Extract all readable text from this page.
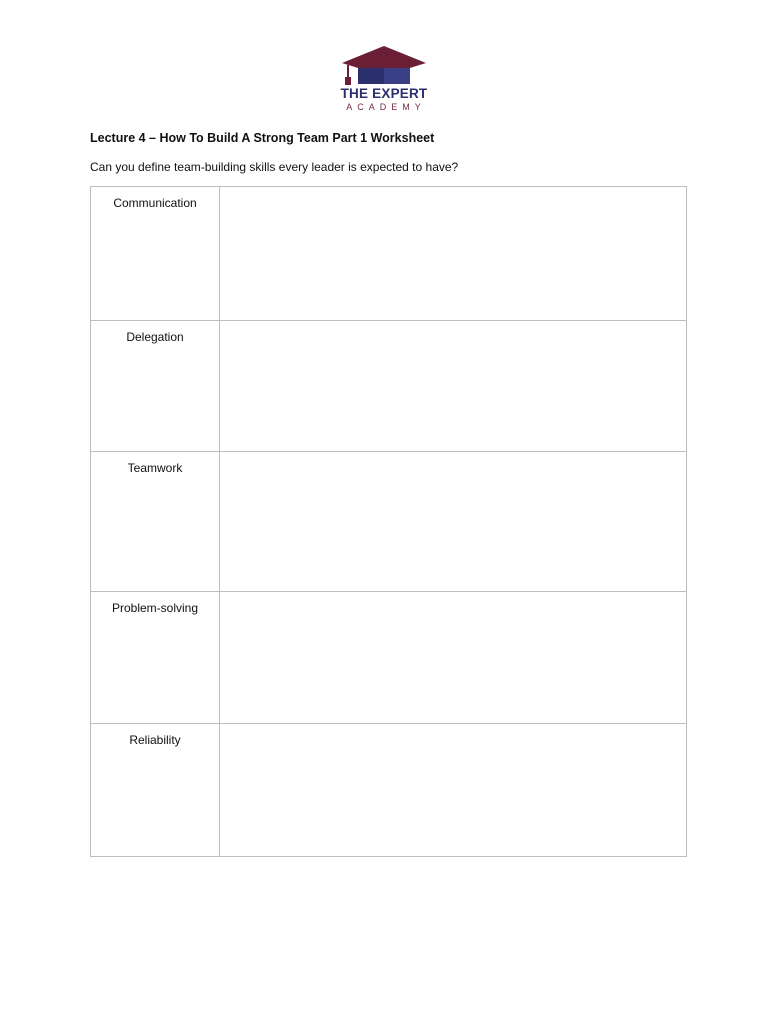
THE EXPERT
ACADEMY
Lecture 4 – How To Build A Strong Team Part 1 Worksheet
Can you define team-building skills every leader is expected to have?
Communication	
Delegation	
Teamwork	
Problem-solving	
Reliability	
